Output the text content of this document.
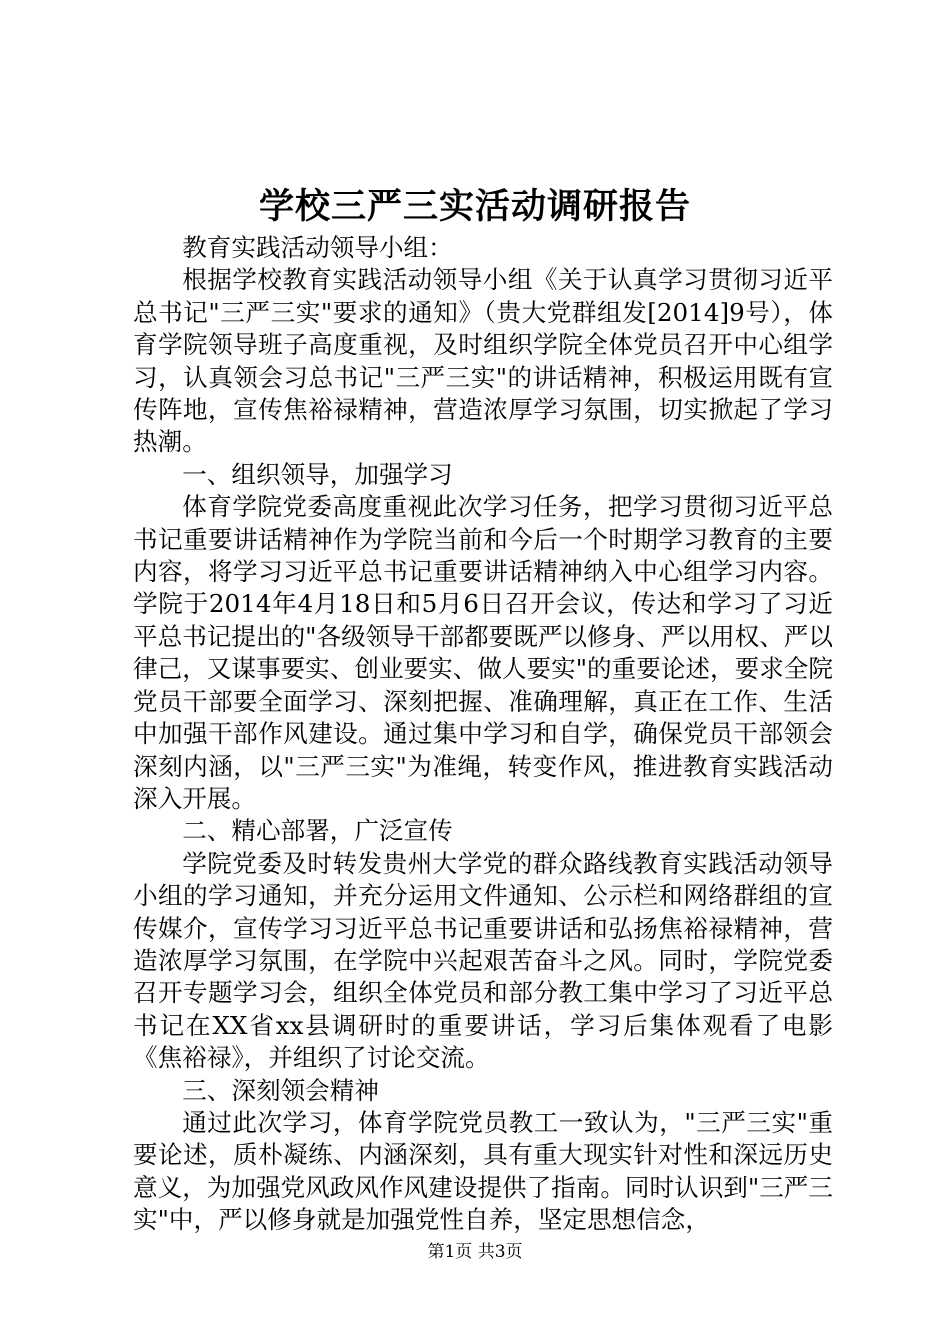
学校三严三实活动调研报告

教育实践活动领导小组：

根据学校教育实践活动领导小组《关于认真学习贯彻习近平总书记"三严三实"要求的通知》（贵大党群组发[2014]9号），体育学院领导班子高度重视，及时组织学院全体党员召开中心组学习，认真领会习总书记"三严三实"的讲话精神，积极运用既有宣传阵地，宣传焦裕禄精神，营造浓厚学习氛围，切实掀起了学习热潮。

一、组织领导，加强学习

体育学院党委高度重视此次学习任务，把学习贯彻习近平总书记重要讲话精神作为学院当前和今后一个时期学习教育的主要内容，将学习习近平总书记重要讲话精神纳入中心组学习内容。学院于2014年4月18日和5月6日召开会议，传达和学习了习近平总书记提出的"各级领导干部都要既严以修身、严以用权、严以律己，又谋事要实、创业要实、做人要实"的重要论述，要求全院党员干部要全面学习、深刻把握、准确理解，真正在工作、生活中加强干部作风建设。通过集中学习和自学，确保党员干部领会深刻内涵，以"三严三实"为准绳，转变作风，推进教育实践活动深入开展。

二、精心部署，广泛宣传

学院党委及时转发贵州大学党的群众路线教育实践活动领导小组的学习通知，并充分运用文件通知、公示栏和网络群组的宣传媒介，宣传学习习近平总书记重要讲话和弘扬焦裕禄精神，营造浓厚学习氛围，在学院中兴起艰苦奋斗之风。同时，学院党委召开专题学习会，组织全体党员和部分教工集中学习了习近平总书记在XX省xx县调研时的重要讲话，学习后集体观看了电影《焦裕禄》，并组织了讨论交流。

三、深刻领会精神

通过此次学习，体育学院党员教工一致认为，"三严三实"重要论述，质朴凝练、内涵深刻，具有重大现实针对性和深远历史意义，为加强党风政风作风建设提供了指南。同时认识到"三严三实"中，严以修身就是加强党性自养，坚定思想信念，

第1页 共3页
